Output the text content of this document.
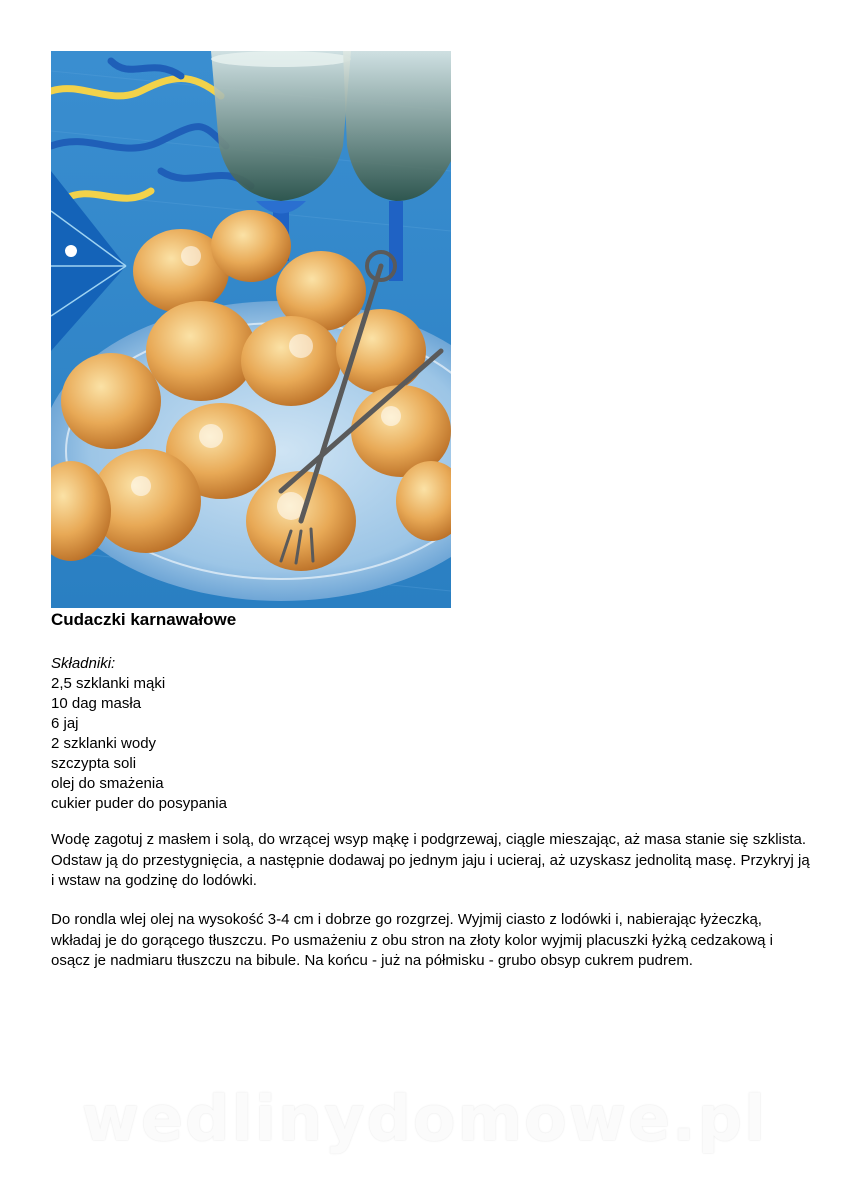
Cudaczki karnawałowe
Składniki:
2,5 szklanki mąki
10 dag masła
6 jaj
2 szklanki wody
szczypta soli
olej do smażenia
cukier puder do posypania

Wodę zagotuj z masłem i solą, do wrzącej wsyp mąkę i podgrzewaj, ciągle mieszając, aż masa stanie się szklista. Odstaw ją do przestygnięcia, a następnie dodawaj po jednym jaju i ucieraj, aż uzyskasz jednolitą masę. Przykryj ją i wstaw na godzinę do lodówki.

Do rondla wlej olej na wysokość 3-4 cm i dobrze go rozgrzej. Wyjmij ciasto z lodówki i, nabierając łyżeczką, wkładaj je do gorącego tłuszczu. Po usmażeniu z obu stron na złoty kolor wyjmij placuszki łyżką cedzakową i osącz je nadmiaru tłuszczu na bibule. Na końcu - już na półmisku - grubo obsyp cukrem pudrem.

wedlinydomowe.pl
